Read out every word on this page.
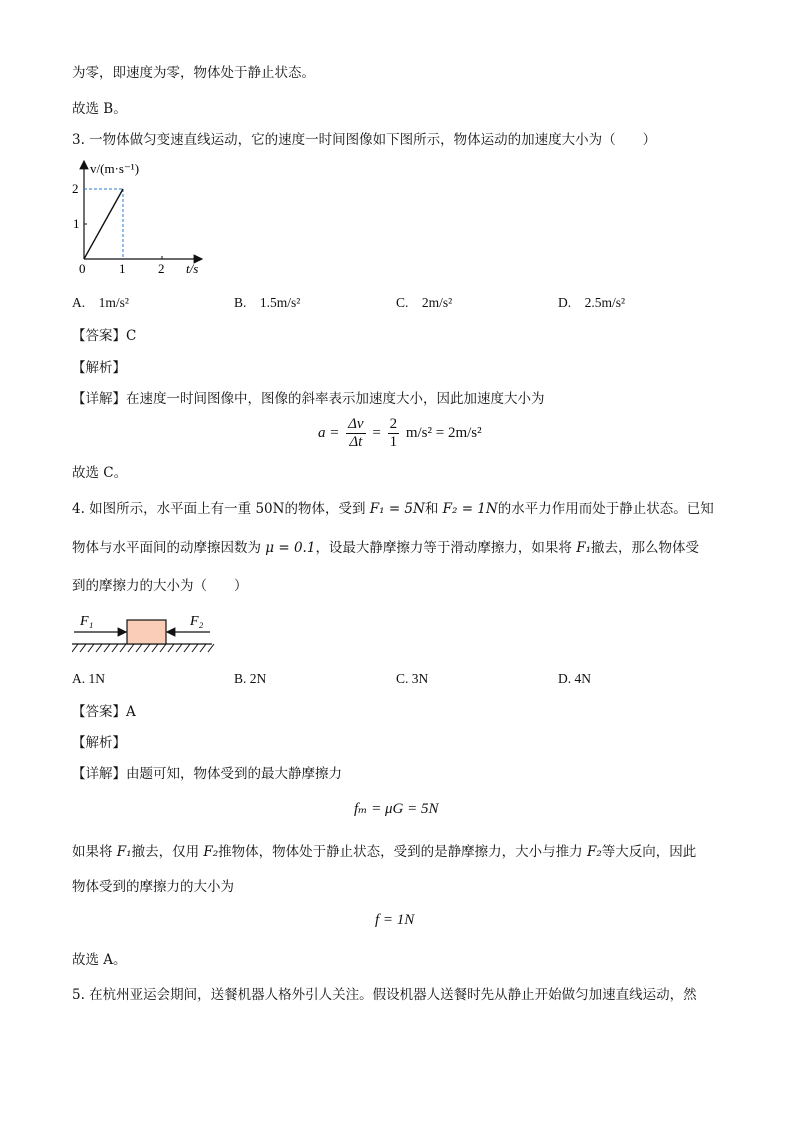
为零，即速度为零，物体处于静止状态。
故选 B。
3. 一物体做匀变速直线运动，它的速度一时间图像如下图所示，物体运动的加速度大小为（　　）
v/(m·s⁻¹)
2
1
0	1	2 t/s
A.　1m/s²	B.　1.5m/s²	C.　2m/s²	D.　2.5m/s²
【答案】C
【解析】
【详解】在速度一时间图像中，图像的斜率表示加速度大小，因此加速度大小为
$a = \frac{\Delta v}{\Delta t} = \frac{2}{1} m/s^2 = 2m/s^2$
故选 C。
4. 如图所示，水平面上有一重 50N的物体，受到 F₁ = 5N和 F₂ = 1N的水平力作用而处于静止状态。已知
物体与水平面间的动摩擦因数为 μ = 0.1，设最大静摩擦力等于滑动摩擦力，如果将 F₁撤去，那么物体受
到的摩擦力的大小为（　　）
F₁	F₂
A. 1N	B. 2N	C. 3N	D. 4N
【答案】A
【解析】
【详解】由题可知，物体受到的最大静摩擦力
fₘ = μG = 5N
如果将 F₁撤去，仅用 F₂推物体，物体处于静止状态，受到的是静摩擦力，大小与推力 F₂等大反向，因此
物体受到的摩擦力的大小为
f = 1N
故选 A。
5. 在杭州亚运会期间，送餐机器人格外引人关注。假设机器人送餐时先从静止开始做匀加速直线运动，然
